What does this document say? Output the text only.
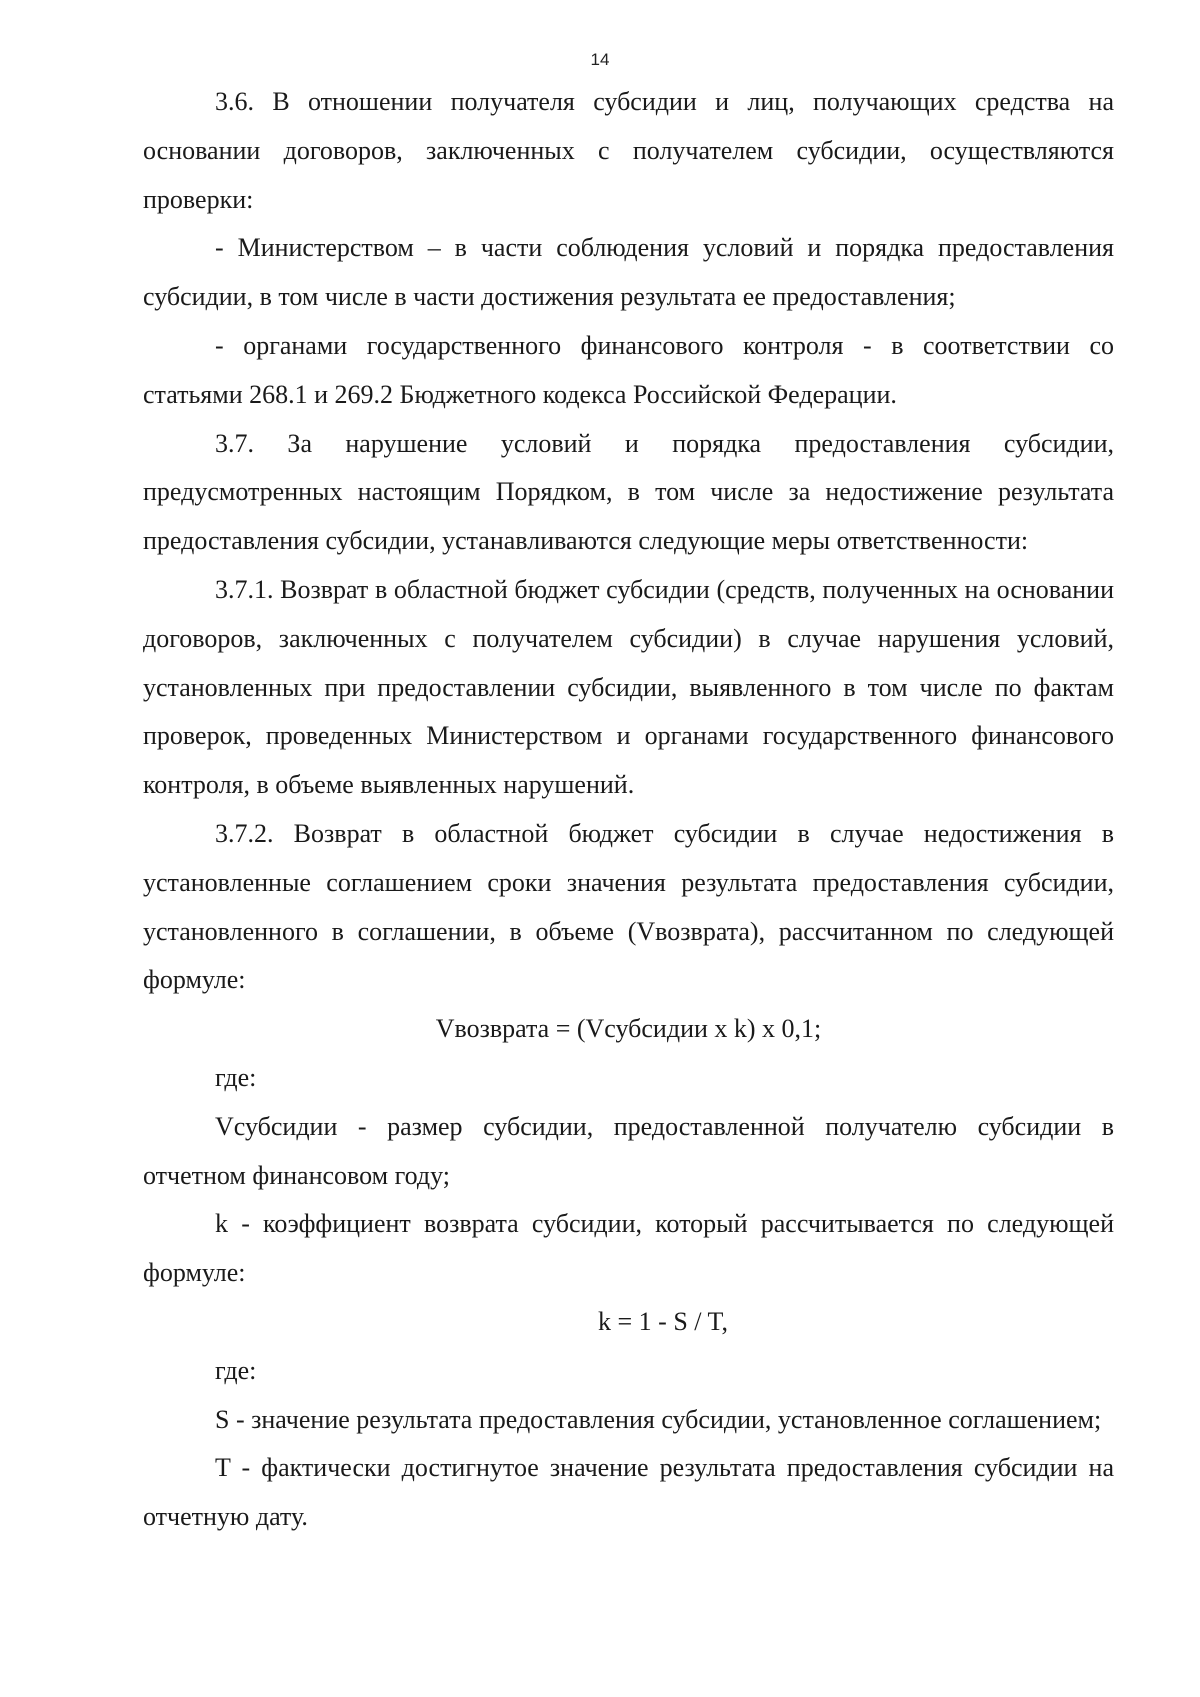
14

3.6. В отношении получателя субсидии и лиц, получающих средства на основании договоров, заключенных с получателем субсидии, осуществляются проверки:

- Министерством – в части соблюдения условий и порядка предоставления субсидии, в том числе в части достижения результата ее предоставления;

- органами государственного финансового контроля - в соответствии со статьями 268.1 и 269.2 Бюджетного кодекса Российской Федерации.

3.7. За нарушение условий и порядка предоставления субсидии, предусмотренных настоящим Порядком, в том числе за недостижение результата предоставления субсидии, устанавливаются следующие меры ответственности:

3.7.1. Возврат в областной бюджет субсидии (средств, полученных на основании договоров, заключенных с получателем субсидии) в случае нарушения условий, установленных при предоставлении субсидии, выявленного в том числе по фактам проверок, проведенных Министерством и органами государственного финансового контроля, в объеме выявленных нарушений.

3.7.2. Возврат в областной бюджет субсидии в случае недостижения в установленные соглашением сроки значения результата предоставления субсидии, установленного в соглашении, в объеме (Vвозврата), рассчитанном по следующей формуле:

Vвозврата = (Vсубсидии x k) x 0,1;

где:

Vсубсидии - размер субсидии, предоставленной получателю субсидии в отчетном финансовом году;

k - коэффициент возврата субсидии, который рассчитывается по следующей формуле:

k = 1 - S / T,

где:

S - значение результата предоставления субсидии, установленное соглашением;

T - фактически достигнутое значение результата предоставления субсидии на отчетную дату.
